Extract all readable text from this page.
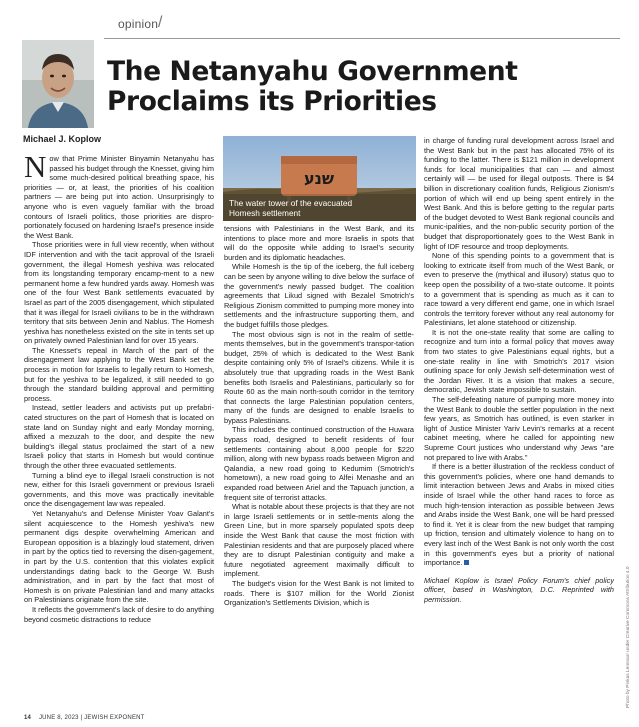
opinion /
Michael J. Koplow
The Netanyahu Government
Proclaims its Priorities

Now that Prime Minister Binyamin Netanyahu has passed his budget through the Knesset, giving him some much-desired political breathing space, his priorities — or, at least, the priorities of his coalition partners — are being put into action. Unsurprisingly to anyone who is even vaguely familiar with the broad contours of Israeli politics, those priorities are dispro-portionately focused on hardening Israel's presence inside the West Bank.

Those priorities were in full view recently, when without IDF intervention and with the tacit approval of the Israeli government, the illegal Homesh yeshiva was relocated from its longstanding temporary encamp-ment to a new permanent home a few hundred yards away. Homesh was one of the four West Bank settlements evacuated by Israel as part of the 2005 disengagement, which stipulated that it was illegal for Israeli civilians to be in the withdrawn territory that sits between Jenin and Nablus. The Homesh yeshiva has nonetheless existed on the site in tents set up on privately owned Palestinian land for over 15 years.

The Knesset's repeal in March of the part of the disengagement law applying to the West Bank set the process in motion for Israelis to legally return to Homesh, but for the yeshiva to be legalized, it still needed to go through the standard building approval and permitting process.

Instead, settler leaders and activists put up prefabri-cated structures on the part of Homesh that is located on state land on Sunday night and early Monday morning, affixed a mezuzah to the door, and despite the new building's illegal status proclaimed the start of a new Israeli policy that starts in Homesh but would continue through the other three evacuated settlements.

Turning a blind eye to illegal Israeli construction is not new, either for this Israeli government or previous Israeli governments, and this move was practically inevitable once the disengagement law was repealed.

Yet Netanyahu's and Defense Minister Yoav Galant's silent acquiescence to the Homesh yeshiva's new permanent digs despite overwhelming American and European opposition is a blazingly loud statement, driven in part by the optics tied to reversing the disen-gagement, in part by the U.S. contention that this violates explicit understandings dating back to the George W. Bush administration, and in part by the fact that most of Homesh is on private Palestinian land and many attacks on Palestinians originate from the site.

It reflects the government's lack of desire to do anything beyond cosmetic distractions to reduce

שנע
The water tower of the evacuated
Homesh settlement

tensions with Palestinians in the West Bank, and its intentions to place more and more Israelis in spots that will do the opposite while adding to Israel's security burden and its diplomatic headaches.

While Homesh is the tip of the iceberg, the full iceberg can be seen by anyone willing to dive below the surface of the government's newly passed budget. The coalition agreements that Likud signed with Bezalel Smotrich's Religious Zionism committed to pumping more money into settlements and the infrastructure supporting them, and the budget fulfills those pledges.

The most obvious sign is not in the realm of settle-ments themselves, but in the government's transpor-tation budget, 25% of which is dedicated to the West Bank despite containing only 5% of Israel's citizens. While it is absolutely true that upgrading roads in the West Bank benefits both Israelis and Palestinians, particularly so for Route 60 as the main north-south corridor in the territory that connects the large Palestinian population centers, many of the funds are designed to enable Israelis to bypass Palestinians.

This includes the continued construction of the Huwara bypass road, designed to benefit residents of four settlements containing about 8,000 people for $220 million, along with new bypass roads between Migron and Qalandia, a new road going to Kedumim (Smotrich's hometown), a new road going to Alfei Menashe and an expanded road between Ariel and the Tapuach junction, a frequent site of terrorist attacks.

What is notable about these projects is that they are not in large Israeli settlements or in settle-ments along the Green Line, but in more sparsely populated spots deep inside the West Bank that cause the most friction with Palestinian residents and that are purposely placed where they are to disrupt Palestinian contiguity and make a future negotiated agreement maximally difficult to implement.

The budget's vision for the West Bank is not limited to roads. There is $107 million for the World Zionist Organization's Settlements Division, which is

in charge of funding rural development across Israel and the West Bank but in the past has allocated 75% of its funding to the latter. There is $121 million in development funds for local municipalities that can — and almost certainly will — be used for illegal outposts. There is $4 billion in discretionary coalition funds, Religious Zionism's portion of which will end up being spent entirely in the West Bank. And this is before getting to the regular parts of the budget devoted to West Bank regional councils and munic-ipalities, and the non-public security portion of the budget that disproportionately goes to the West Bank in light of IDF resource and troop deployments.

None of this spending points to a government that is looking to extricate itself from much of the West Bank, or even to preserve the (mythical and illusory) status quo to keep open the possibility of a two-state outcome. It points to a government that is spending as much as it can to race toward a very different end game, one in which Israel controls the territory forever without any real autonomy for Palestinians, let alone statehood or citizenship.

It is not the one-state reality that some are calling to recognize and turn into a formal policy that moves away from two states to give Palestinians equal rights, but a one-state reality in line with Smotrich's 2017 vision outlining space for only Jewish self-determination west of the Jordan River. It is a vision that makes a secure, democratic, Jewish state impossible to sustain.

The self-defeating nature of pumping more money into the West Bank to double the settler population in the next few years, as Smotrich has outlined, is even starker in light of Justice Minister Yariv Levin's remarks at a recent cabinet meeting, where he called for appointing new Supreme Court justices who understand why Jews "are not prepared to live with Arabs."

If there is a better illustration of the reckless conduct of this government's policies, where one hand demands to limit interaction between Jews and Arabs in mixed cities inside of Israel while the other hand races to force as much high-tension interaction as possible between Jews and Arabs inside the West Bank, one will be hard pressed to find it. Yet it is clear from the new budget that ramping up friction, tension and ultimately violence to hang on to every last inch of the West Bank is not only worth the cost in this government's eyes but a priority of national importance.

Michael Koplow is Israel Policy Forum's chief policy officer, based in Washington, D.C. Reprinted with permission.	Photo by Pinkas Lenmaor under Creative Commons Attribution 4.0
14 JUNE 8, 2023 | JEWISH EXPONENT
